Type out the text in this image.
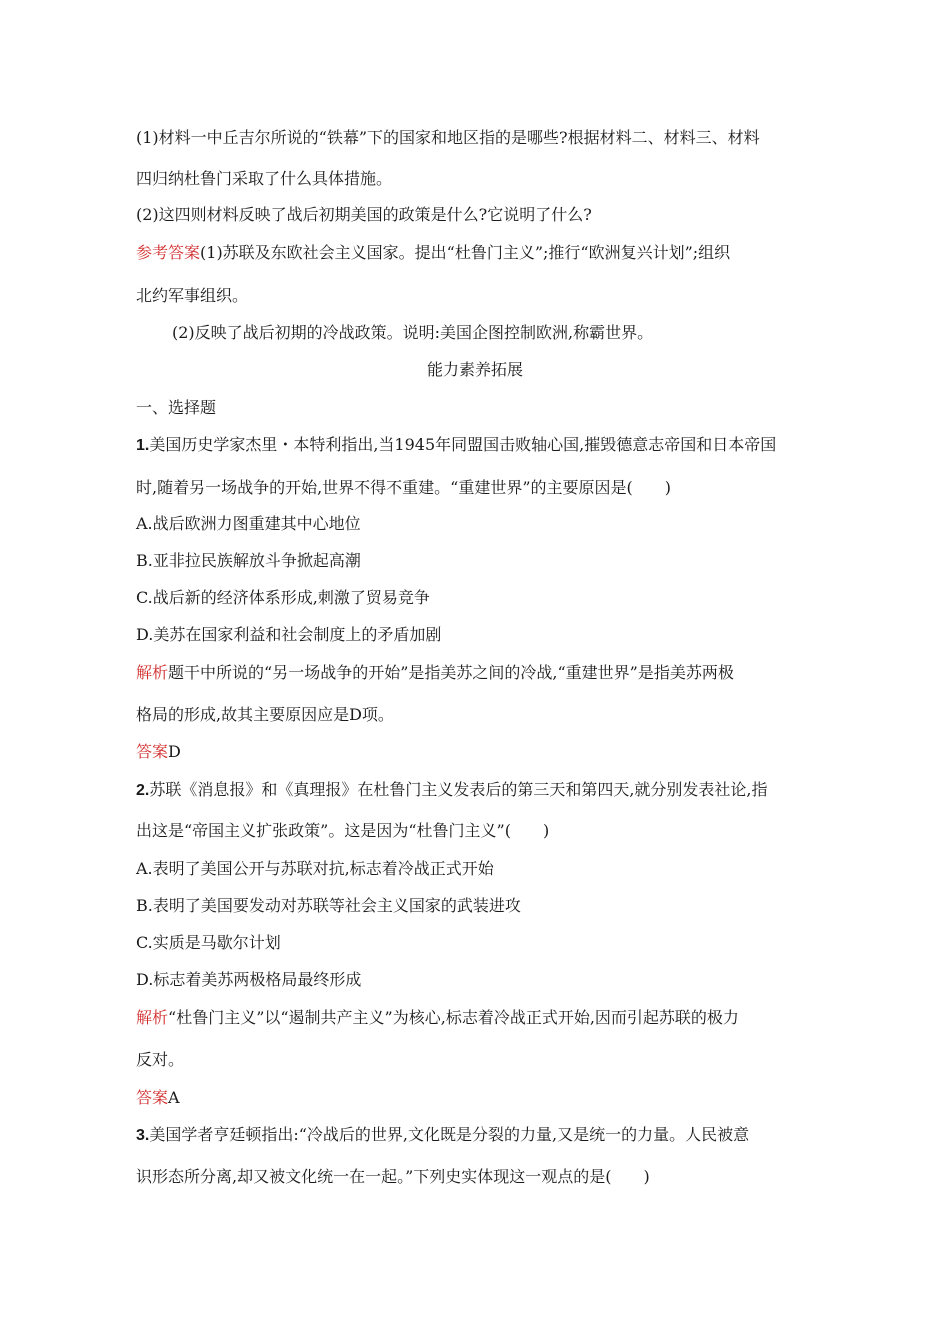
(1)材料一中丘吉尔所说的“铁幕”下的国家和地区指的是哪些?根据材料二、材料三、材料
四归纳杜鲁门采取了什么具体措施。
(2)这四则材料反映了战后初期美国的政策是什么?它说明了什么?
参考答案(1)苏联及东欧社会主义国家。提出“杜鲁门主义”;推行“欧洲复兴计划”;组织
北约军事组织。
(2)反映了战后初期的冷战政策。说明:美国企图控制欧洲,称霸世界。
能力素养拓展
一、选择题
1.美国历史学家杰里・本特利指出,当1945年同盟国击败轴心国,摧毁德意志帝国和日本帝国
时,随着另一场战争的开始,世界不得不重建。“重建世界”的主要原因是(　　)
A.战后欧洲力图重建其中心地位
B.亚非拉民族解放斗争掀起高潮
C.战后新的经济体系形成,刺激了贸易竞争
D.美苏在国家利益和社会制度上的矛盾加剧
解析题干中所说的“另一场战争的开始”是指美苏之间的冷战,“重建世界”是指美苏两极
格局的形成,故其主要原因应是D项。
答案D
2.苏联《消息报》和《真理报》在杜鲁门主义发表后的第三天和第四天,就分别发表社论,指
出这是“帝国主义扩张政策”。这是因为“杜鲁门主义”(　　)
A.表明了美国公开与苏联对抗,标志着冷战正式开始
B.表明了美国要发动对苏联等社会主义国家的武装进攻
C.实质是马歇尔计划
D.标志着美苏两极格局最终形成
解析“杜鲁门主义”以“遏制共产主义”为核心,标志着冷战正式开始,因而引起苏联的极力
反对。
答案A
3.美国学者亨廷顿指出:“冷战后的世界,文化既是分裂的力量,又是统一的力量。人民被意
识形态所分离,却又被文化统一在一起。”下列史实体现这一观点的是(　　)
